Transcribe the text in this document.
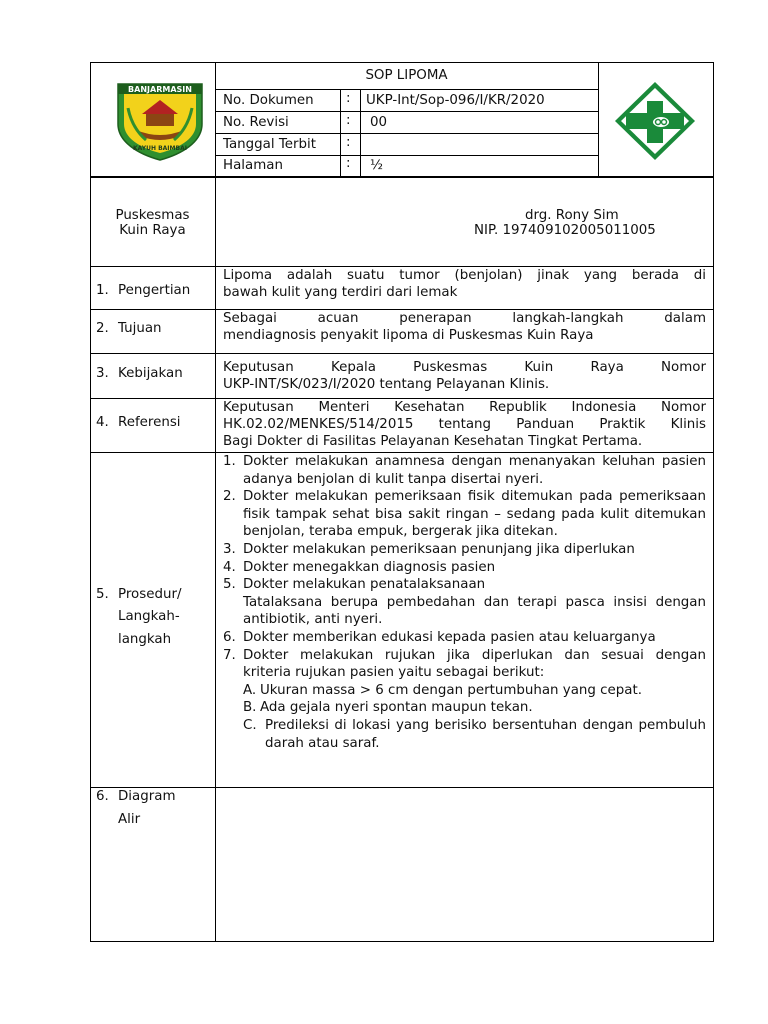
BANJARMASIN
KAYUH BAIMBAI
SOP LIPOMA
No. Dokumen : UKP-Int/Sop-096/I/KR/2020
No. Revisi	: 00
Tanggal Terbit :
Halaman	: ½
Puskesmas
Kuin Raya
drg. Rony Sim
NIP. 197409102005011005
1. Pengertian
Lipoma adalah suatu tumor (benjolan) jinak yang berada di
bawah kulit yang terdiri dari lemak
2. Tujuan
Sebagai acuan penerapan langkah-langkah dalam
mendiagnosis penyakit lipoma di Puskesmas Kuin Raya
3. Kebijakan	Keputusan Kepala Puskesmas Kuin Raya Nomor
UKP-INT/SK/023/I/2020 tentang Pelayanan Klinis.
4. Referensi
Keputusan Menteri Kesehatan Republik Indonesia Nomor
HK.02.02/MENKES/514/2015 tentang Panduan Praktik Klinis
Bagi Dokter di Fasilitas Pelayanan Kesehatan Tingkat Pertama.
5. Prosedur/
Langkah-
langkah
1. Dokter melakukan anamnesa dengan menanyakan keluhan pasien adanya benjolan di kulit tanpa disertai nyeri.
2. Dokter melakukan pemeriksaan fisik ditemukan pada pemeriksaan fisik tampak sehat bisa sakit ringan – sedang pada kulit ditemukan benjolan, teraba empuk, bergerak jika ditekan.
3. Dokter melakukan pemeriksaan penunjang jika diperlukan
4. Dokter menegakkan diagnosis pasien
5. Dokter melakukan penatalaksanaan
Tatalaksana berupa pembedahan dan terapi pasca insisi dengan antibiotik, anti nyeri.
6. Dokter memberikan edukasi kepada pasien atau keluarganya
7. Dokter melakukan rujukan jika diperlukan dan sesuai dengan kriteria rujukan pasien yaitu sebagai berikut:
A. Ukuran massa > 6 cm dengan pertumbuhan yang cepat.
B. Ada gejala nyeri spontan maupun tekan.
C. Predileksi di lokasi yang berisiko bersentuhan dengan pembuluh darah atau saraf.
6. Diagram
Alir
